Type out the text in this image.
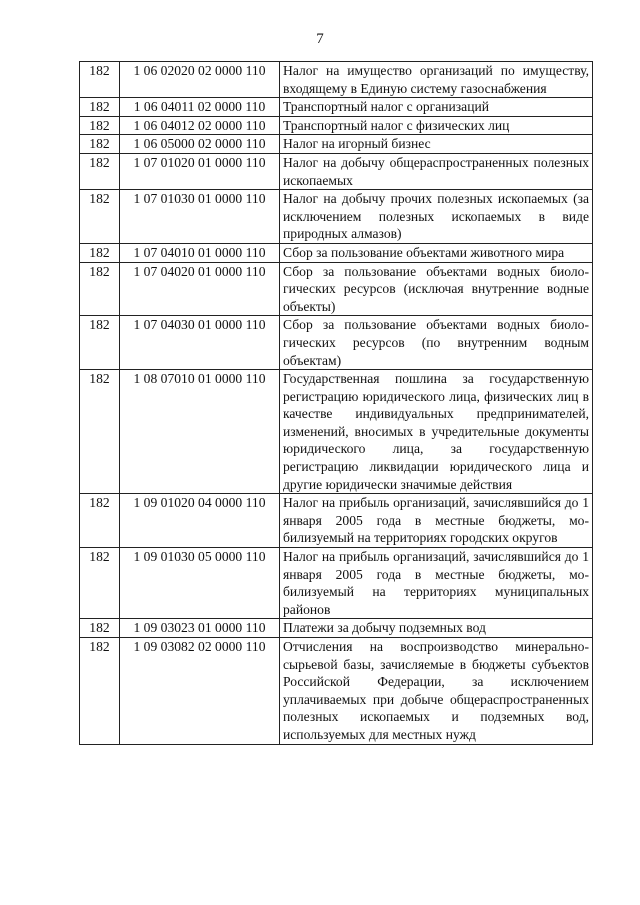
7
182	1 06 02020 02 0000 110	Налог на имущество организаций по имуществу, входящему в Единую систему газоснабжения
182	1 06 04011 02 0000 110	Транспортный налог с организаций
182	1 06 04012 02 0000 110	Транспортный налог с физических лиц
182	1 06 05000 02 0000 110	Налог на игорный бизнес
182	1 07 01020 01 0000 110	Налог на добычу общераспространенных полезных ископаемых
182	1 07 01030 01 0000 110	Налог на добычу прочих полезных ископаемых (за исключением полезных ископаемых в виде природных алмазов)
182	1 07 04010 01 0000 110	Сбор за пользование объектами животного мира
182	1 07 04020 01 0000 110	Сбор за пользование объектами водных биологических ресурсов (исключая внутренние водные объекты)
182	1 07 04030 01 0000 110	Сбор за пользование объектами водных биологических ресурсов (по внутренним водным объектам)
182	1 08 07010 01 0000 110	Государственная пошлина за государственную регистрацию юридического лица, физических лиц в качестве индивидуальных предпринимателей, изменений, вносимых в учредительные документы юридического лица, за государственную регистрацию ликвидации юридического лица и другие юридически значимые действия
182	1 09 01020 04 0000 110	Налог на прибыль организаций, зачислявшийся до 1 января 2005 года в местные бюджеты, мобилизуемый на территориях городских округов
182	1 09 01030 05 0000 110	Налог на прибыль организаций, зачислявшийся до 1 января 2005 года в местные бюджеты, мобилизуемый на территориях муниципальных районов
182	1 09 03023 01 0000 110	Платежи за добычу подземных вод
182	1 09 03082 02 0000 110	Отчисления на воспроизводство минерально-сырьевой базы, зачисляемые в бюджеты субъектов Российской Федерации, за исключением уплачиваемых при добыче общераспространенных полезных ископаемых и подземных вод, используемых для местных нужд
